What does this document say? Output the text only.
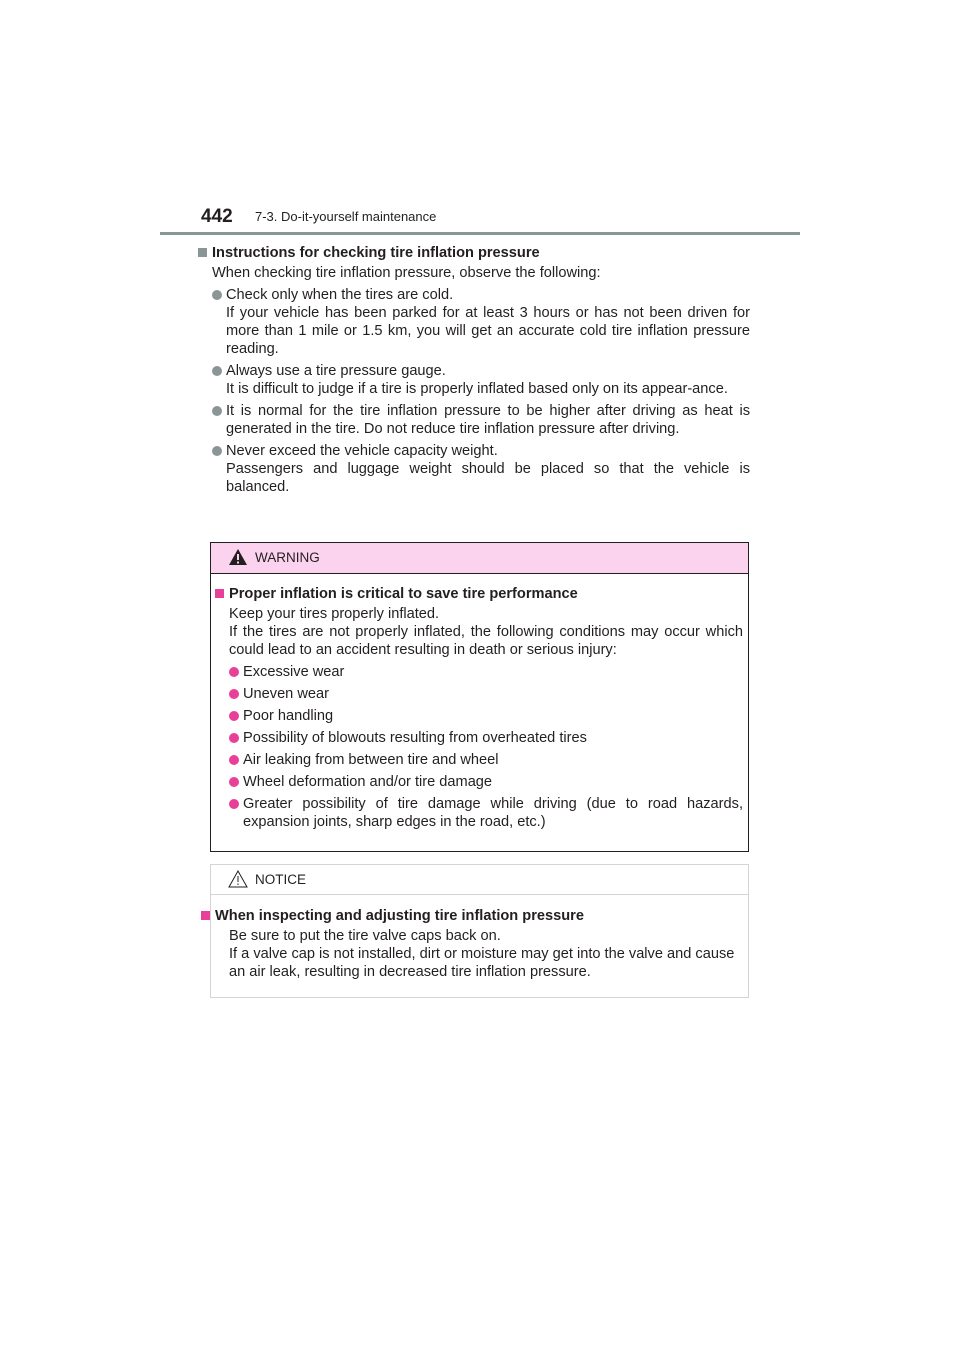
442 7-3. Do-it-yourself maintenance
Instructions for checking tire inflation pressure
When checking tire inflation pressure, observe the following:
Check only when the tires are cold.
If your vehicle has been parked for at least 3 hours or has not been driven for more than 1 mile or 1.5 km, you will get an accurate cold tire inflation pressure reading.
Always use a tire pressure gauge.
It is difficult to judge if a tire is properly inflated based only on its appear-ance.
It is normal for the tire inflation pressure to be higher after driving as heat is generated in the tire. Do not reduce tire inflation pressure after driving.
Never exceed the vehicle capacity weight.
Passengers and luggage weight should be placed so that the vehicle is balanced.
WARNING
Proper inflation is critical to save tire performance
Keep your tires properly inflated.
If the tires are not properly inflated, the following conditions may occur which could lead to an accident resulting in death or serious injury:
Excessive wear
Uneven wear
Poor handling
Possibility of blowouts resulting from overheated tires
Air leaking from between tire and wheel
Wheel deformation and/or tire damage
Greater possibility of tire damage while driving (due to road hazards, expansion joints, sharp edges in the road, etc.)
NOTICE
When inspecting and adjusting tire inflation pressure
Be sure to put the tire valve caps back on.
If a valve cap is not installed, dirt or moisture may get into the valve and cause an air leak, resulting in decreased tire inflation pressure.
